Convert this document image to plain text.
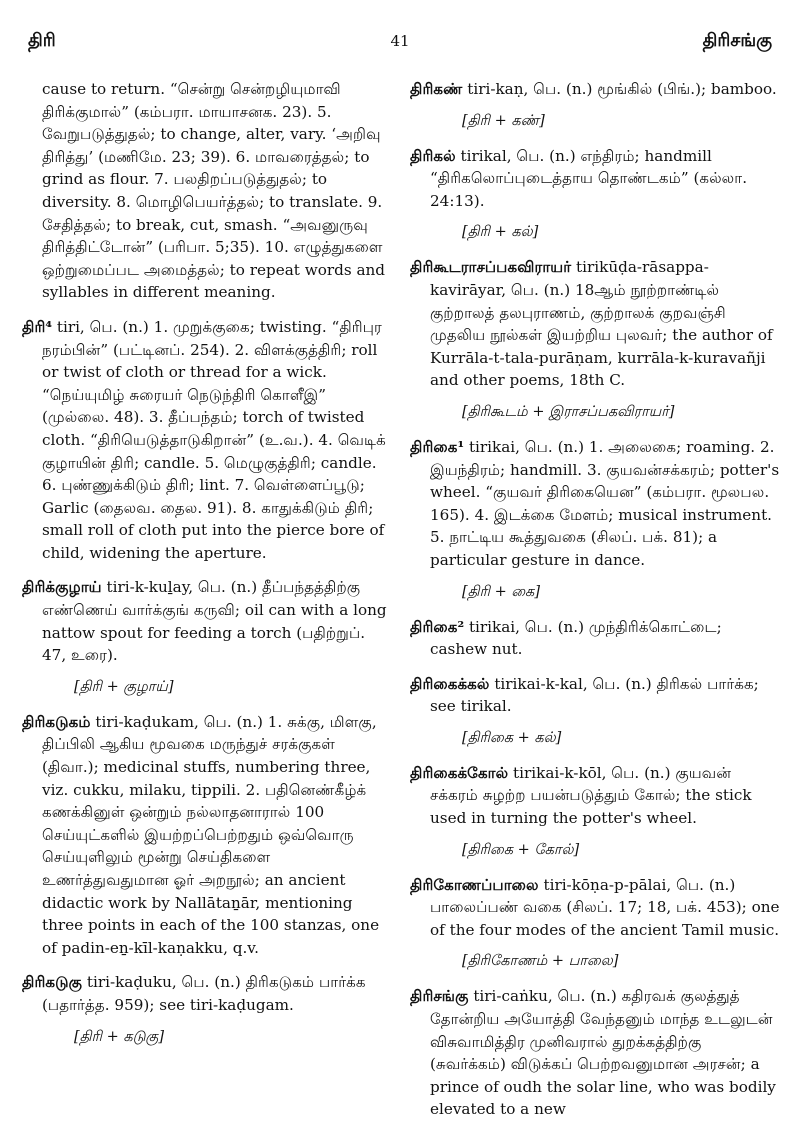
திரி	41	திரிசங்கு

cause to return. “சென்று சென்றழியுமாவி திரிக்குமால்” (கம்பரா. மாயாசனக. 23). 5. வேறுபடுத்துதல்; to change, alter, vary. ‘அறிவு திரித்து’ (மணிமே. 23; 39). 6. மாவரைத்தல்; to grind as flour. 7. பலதிறப்படுத்துதல்; to diversity. 8. மொழிபெயர்த்தல்; to translate. 9. சேதித்தல்; to break, cut, smash. “அவனுருவு திரித்திட்டோன்” (பரிபா. 5;35). 10. எழுத்துகளை ஒற்றுமைப்பட அமைத்தல்; to repeat words and syllables in different meaning.

திரி⁴ tiri, பெ. (n.) 1. முறுக்குகை; twisting. “திரிபுர நரம்பின்” (பட்டினப். 254). 2. விளக்குத்திரி; roll or twist of cloth or thread for a wick. “நெய்யுமிழ் சுரையர் நெடுந்திரி கொளீஇ” (முல்லை. 48). 3. தீப்பந்தம்; torch of twisted cloth. “திரியெடுத்தாடுகிறான்” (உ.வ.). 4. வெடிக் குழாயின் திரி; candle. 5. மெழுகுத்திரி; candle. 6. புண்ணுக்கிடும் திரி; lint. 7. வெள்ளைப்பூடு; Garlic (தைலவ. தைல. 91). 8. காதுக்கிடும் திரி; small roll of cloth put into the pierce bore of child, widening the aperture.

திரிக்குழாய் tiri-k-kuḻay, பெ. (n.) தீப்பந்தத்திற்கு எண்ணெய் வார்க்குங் கருவி; oil can with a long nattow spout for feeding a torch (பதிற்றுப். 47, உரை).

[திரி + குழாய்]

திரிகடுகம் tiri-kaḍukam, பெ. (n.) 1. சுக்கு, மிளகு, திப்பிலி ஆகிய மூவகை மருந்துச் சரக்குகள் (திவா.); medicinal stuffs, numbering three, viz. cukku, milaku, tippili. 2. பதினெண்கீழ்க் கணக்கினுள் ஒன்றும் நல்லாதனாரால் 100 செய்யுட்களில் இயற்றப்பெற்றதும் ஒவ்வொரு செய்யுளிலும் மூன்று செய்திகளை உணர்த்துவதுமான ஓர் அறநூல்; an ancient didactic work by Nallātaṉār, mentioning three points in each of the 100 stanzas, one of padin-eṉ-kīl-kaṇakku, q.v.

திரிகடுகு tiri-kaḍuku, பெ. (n.) திரிகடுகம் பார்க்க (பதார்த்த. 959); see tiri-kaḍugam.

[திரி + கடுகு]

திரிகண் tiri-kaṇ, பெ. (n.) மூங்கில் (பிங்.); bamboo.

[திரி + கண்]

திரிகல் tirikal, பெ. (n.) எந்திரம்; handmill “திரிகலொப்புடைத்தாய தொண்டகம்” (கல்லா. 24:13).

[திரி + கல்]

திரிகூடராசப்பகவிராயர் tirikūḍa-rāsappa-kavirāyar, பெ. (n.) 18ஆம் நூற்றாண்டில் குற்றாலத் தலபுராணம், குற்றாலக் குறவஞ்சி முதலிய நூல்கள் இயற்றிய புலவர்; the author of Kurrāla-t-tala-purāṇam, kurrāla-k-kuravañji and other poems, 18th C.

[திரிகூடம் + இராசப்பகவிராயர்]

திரிகை¹ tirikai, பெ. (n.) 1. அலைகை; roaming. 2. இயந்திரம்; handmill. 3. குயவன்சக்கரம்; potter's wheel. “குயவர் திரிகையென” (கம்பரா. மூலபல. 165). 4. இடக்கை மேளம்; musical instrument. 5. நாட்டிய கூத்துவகை (சிலப். பக். 81); a particular gesture in dance.

[திரி + கை]

திரிகை² tirikai, பெ. (n.) முந்திரிக்கொட்டை; cashew nut.

திரிகைக்கல் tirikai-k-kal, பெ. (n.) திரிகல் பார்க்க; see tirikal.

[திரிகை + கல்]

திரிகைக்கோல் tirikai-k-kōl, பெ. (n.) குயவன் சக்கரம் சுழற்ற பயன்படுத்தும் கோல்; the stick used in turning the potter's wheel.

[திரிகை + கோல்]

திரிகோணப்பாலை tiri-kōṇa-p-pālai, பெ. (n.) பாலைப்பண் வகை (சிலப். 17; 18, பக். 453); one of the four modes of the ancient Tamil music.

[திரிகோணம் + பாலை]

திரிசங்கு tiri-caṅku, பெ. (n.) கதிரவக் குலத்துத் தோன்றிய அயோத்தி வேந்தனும் மாந்த உடலுடன் விசுவாமித்திர முனிவரால் துறக்கத்திற்கு (சுவர்க்கம்) விடுக்கப் பெற்றவனுமான அரசன்; a prince of oudh the solar line, who was bodily elevated to a new
